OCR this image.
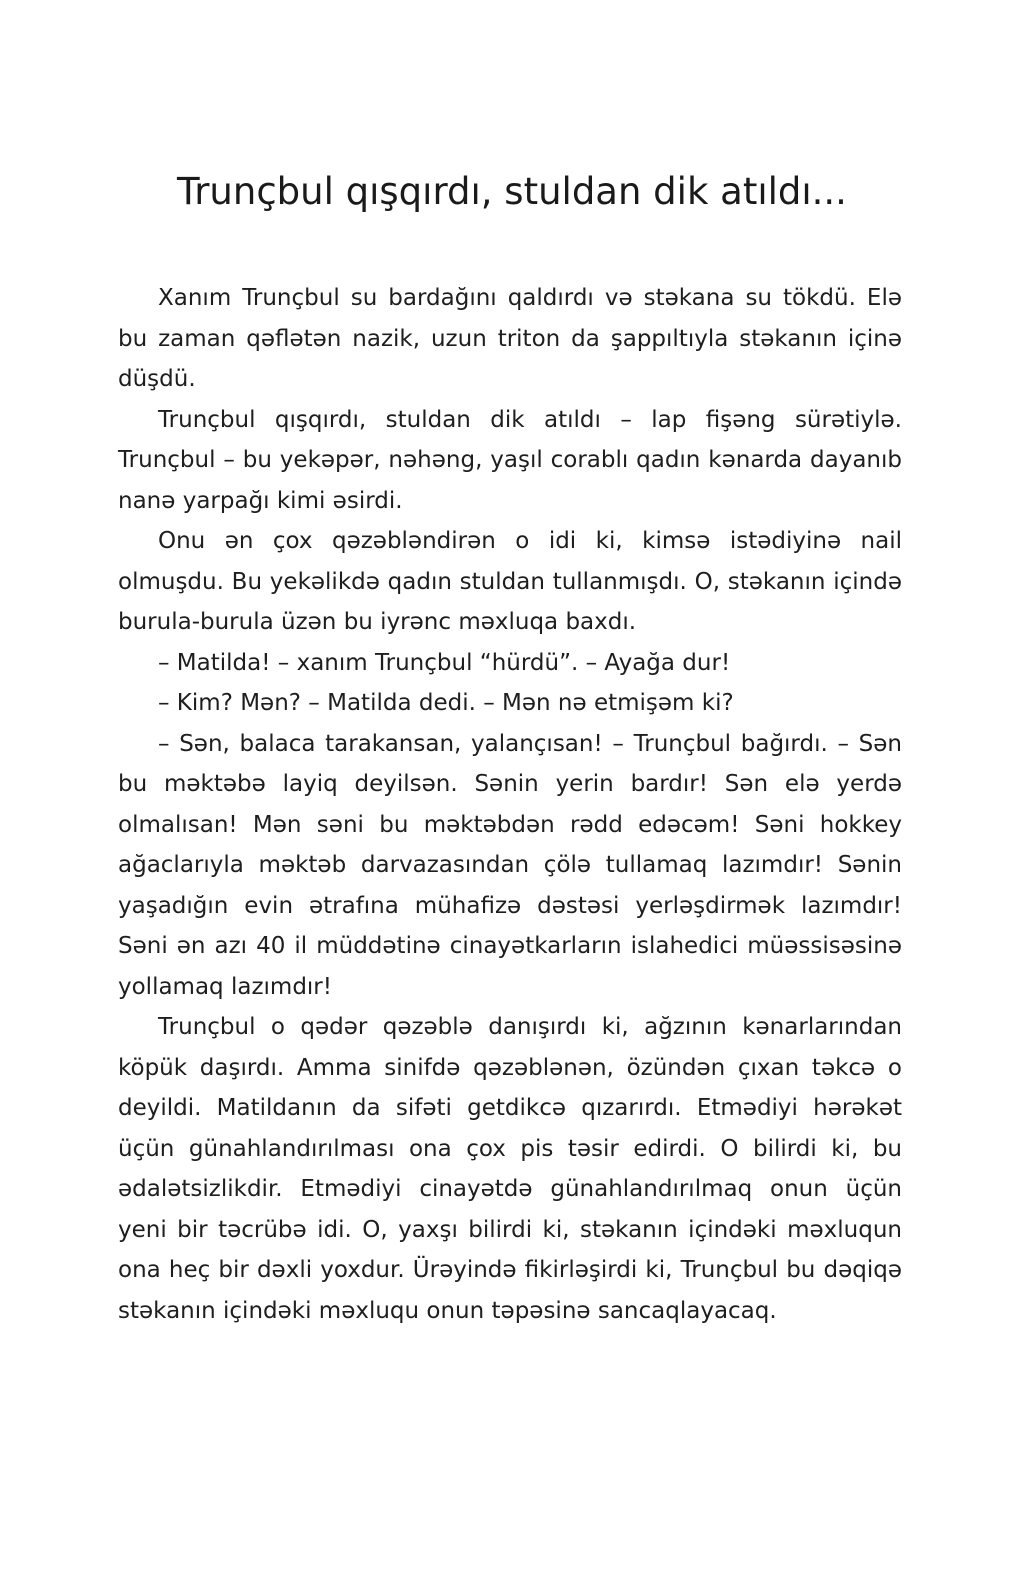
Trunçbul qışqırdı, stuldan dik atıldı...

Xanım Trunçbul su bardağını qaldırdı və stəkana su tökdü. Elə bu zaman qəflətən nazik, uzun triton da şappıltıyla stəkanın içinə düşdü.

Trunçbul qışqırdı, stuldan dik atıldı – lap fişəng sürətiylə. Trunçbul – bu yekəpər, nəhəng, yaşıl corablı qadın kənarda dayanıb nanə yarpağı kimi əsirdi.

Onu ən çox qəzəbləndirən o idi ki, kimsə istədiyinə nail olmuşdu. Bu yekəlikdə qadın stuldan tullanmışdı. O, stəkanın içində burula-burula üzən bu iyrənc məxluqa baxdı.

– Matilda! – xanım Trunçbul “hürdü”. – Ayağa dur!

– Kim? Mən? – Matilda dedi. – Mən nə etmişəm ki?

– Sən, balaca tarakansan, yalançısan! – Trunçbul bağırdı. – Sən bu məktəbə layiq deyilsən. Sənin yerin bardır! Sən elə yerdə olmalısan! Mən səni bu məktəbdən rədd edəcəm! Səni hokkey ağaclarıyla məktəb darvazasından çölə tullamaq lazımdır! Sənin yaşadığın evin ətrafına mühafizə dəstəsi yerləşdirmək lazımdır! Səni ən azı 40 il müddətinə cinayətkarların islahedici müəssisəsinə yollamaq lazımdır!

Trunçbul o qədər qəzəblə danışırdı ki, ağzının kənarlarından köpük daşırdı. Amma sinifdə qəzəblənən, özündən çıxan təkcə o deyildi. Matildanın da sifəti getdikcə qızarırdı. Etmədiyi hərəkət üçün günahlandırılması ona çox pis təsir edirdi. O bilirdi ki, bu ədalətsizlikdir. Etmədiyi cinayətdə günahlandırılmaq onun üçün yeni bir təcrübə idi. O, yaxşı bilirdi ki, stəkanın içindəki məxluqun ona heç bir dəxli yoxdur. Ürəyində fikirləşirdi ki, Trunçbul bu dəqiqə stəkanın içindəki məxluqu onun təpəsinə sancaqlayacaq.
